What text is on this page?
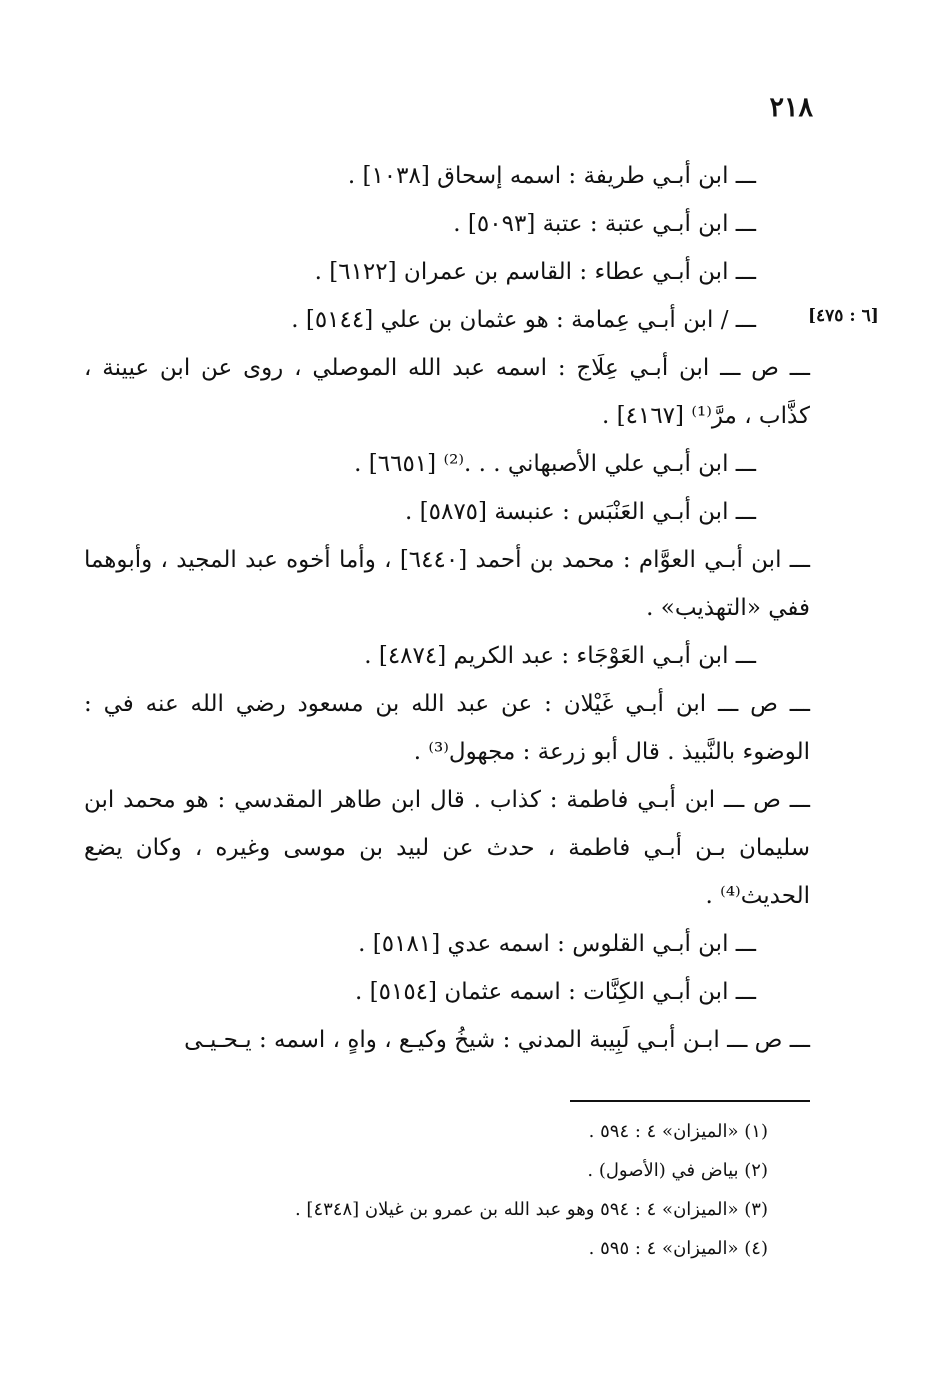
٢١٨
[٦ : ٤٧٥]

ـــ ابن أبـي طريفة : اسمه إسحاق [١٠٣٨] .

ـــ ابن أبـي عتبة : عتبة [٥٠٩٣] .

ـــ ابن أبـي عطاء : القاسم بن عمران [٦١٢٢] .

ـــ / ابن أبـي عِمامة : هو عثمان بن علي [٥١٤٤] .

ـــ ص ـــ ابن أبـي عِلَاج : اسمه عبد الله الموصلي ، روى عن ابن عيينة ، كذَّاب ، مرَّ⁽¹⁾ [٤١٦٧] .

ـــ ابن أبـي علي الأصبهاني . . .⁽²⁾ [٦٦٥١] .

ـــ ابن أبـي العَنْبَس : عنبسة [٥٨٧٥] .

ـــ ابن أبـي العوَّام : محمد بن أحمد [٦٤٤٠] ، وأما أخوه عبد المجيد ، وأبوهما ففي «التهذيب» .

ـــ ابن أبـي العَوْجَاء : عبد الكريم [٤٨٧٤] .

ـــ ص ـــ ابن أبـي غَيْلان : عن عبد الله بن مسعود رضي الله عنه في : الوضوء بالنَّبيذ . قال أبو زرعة : مجهول⁽³⁾ .

ـــ ص ـــ ابن أبـي فاطمة : كذاب . قال ابن طاهر المقدسي : هو محمد ابن سليمان بـن أبـي فاطمة ، حدث عن لبيد بن موسى وغيره ، وكان يضع الحديث⁽⁴⁾ .

ـــ ابن أبـي القلوس : اسمه عدي [٥١٨١] .

ـــ ابن أبـي الكِنَّات : اسمه عثمان [٥١٥٤] .

ـــ ص ـــ ابـن أبـي لَبِيبة المدني : شيخُ وكيـع ، واهٍ ، اسمه : يـحـيـى

(١) «الميزان» ٤ : ٥٩٤ .
(٢) بياض في (الأصول) .
(٣) «الميزان» ٤ : ٥٩٤ وهو عبد الله بن عمرو بن غيلان [٤٣٤٨] .
(٤) «الميزان» ٤ : ٥٩٥ .
